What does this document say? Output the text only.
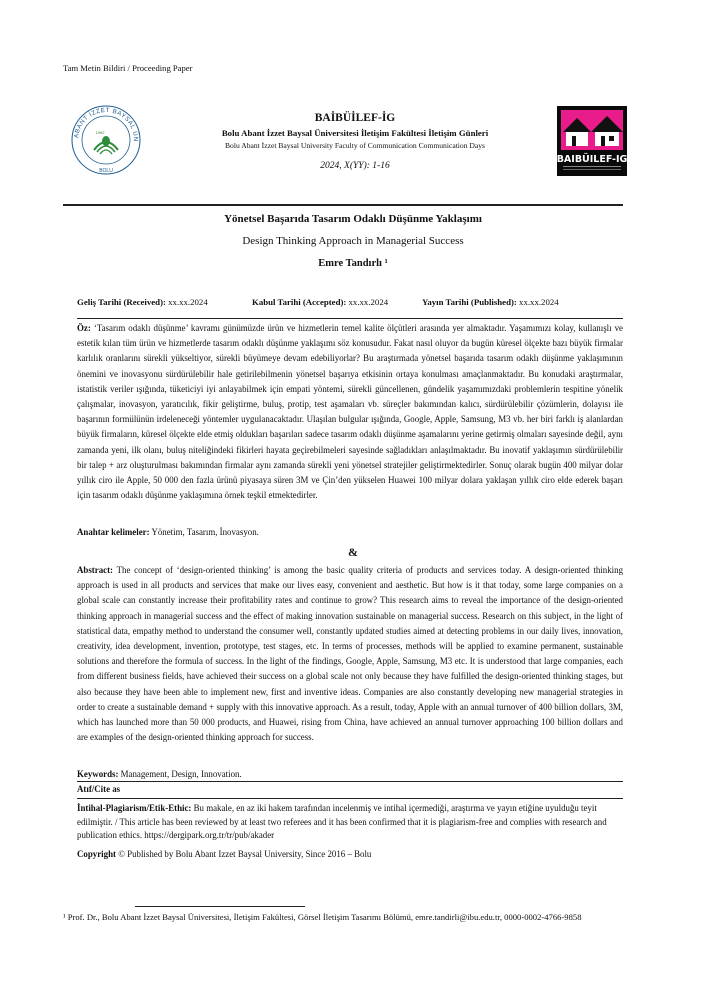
Tam Metin Bildiri / Proceeding Paper
ABANT İZZET BAYSAL ÜN
BOLU
1992
BAİBÜİLEF-İG
Bolu Abant İzzet Baysal Üniversitesi İletişim Fakültesi İletişim Günleri
Bolu Abant İzzet Baysal University Faculty of Communication Communication Days
2024, X(YY): 1-16
BAIBÜILEF-IG
Yönetsel Başarıda Tasarım Odaklı Düşünme Yaklaşımı
Design Thinking Approach in Managerial Success
Emre Tandırlı ¹
Geliş Tarihi (Received): xx.xx.2024	Kabul Tarihi (Accepted): xx.xx.2024	Yayın Tarihi (Published): xx.xx.2024
Öz: ‘Tasarım odaklı düşünme’ kavramı günümüzde ürün ve hizmetlerin temel kalite ölçütleri arasında yer almaktadır. Yaşamımızı kolay, kullanışlı ve estetik kılan tüm ürün ve hizmetlerde tasarım odaklı düşünme yaklaşımı söz konusudur. Fakat nasıl oluyor da bugün küresel ölçekte bazı büyük firmalar karlılık oranlarını sürekli yükseltiyor, sürekli büyümeye devam edebiliyorlar? Bu araştırmada yönetsel başarıda tasarım odaklı düşünme yaklaşımının önemini ve inovasyonu sürdürülebilir hale getirilebilmenin yönetsel başarıya etkisinin ortaya konulması amaçlanmaktadır. Bu konudaki araştırmalar, istatistik veriler ışığında, tüketiciyi iyi anlayabilmek için empati yöntemi, sürekli güncellenen, gündelik yaşamımızdaki problemlerin tespitine yönelik çalışmalar, inovasyon, yaratıcılık, fikir geliştirme, buluş, protip, test aşamaları vb. süreçler bakımından kalıcı, sürdürülebilir çözümlerin, dolayısı ile başarının formülünün irdeleneceği yöntemler uygulanacaktadır. Ulaşılan bulgular ışığında, Google, Apple, Samsung, M3 vb. her biri farklı iş alanlardan büyük firmaların, küresel ölçekte elde etmiş oldukları başarıları sadece tasarım odaklı düşünme aşamalarını yerine getirmiş olmaları sayesinde değil, aynı zamanda yeni, ilk olanı, buluş niteliğindeki fikirleri hayata geçirebilmeleri sayesinde sağladıkları anlaşılmaktadır. Bu inovatif yaklaşımın sürdürülebilir bir talep + arz oluşturulması bakımından firmalar aynı zamanda sürekli yeni yönetsel stratejiler geliştirmektedirler. Sonuç olarak bugün 400 milyar dolar yıllık ciro ile Apple, 50 000 den fazla ürünü piyasaya süren 3M ve Çin’den yükselen Huawei 100 milyar dolara yaklaşan yıllık ciro elde ederek başarı için tasarım odaklı düşünme yaklaşımına örnek teşkil etmektedirler.
Anahtar kelimeler: Yönetim, Tasarım, İnovasyon.
&
Abstract: The concept of ‘design-oriented thinking’ is among the basic quality criteria of products and services today. A design-oriented thinking approach is used in all products and services that make our lives easy, convenient and aesthetic. But how is it that today, some large companies on a global scale can constantly increase their profitability rates and continue to grow? This research aims to reveal the importance of the design-oriented thinking approach in managerial success and the effect of making innovation sustainable on managerial success. Research on this subject, in the light of statistical data, empathy method to understand the consumer well, constantly updated studies aimed at detecting problems in our daily lives, innovation, creativity, idea development, invention, prototype, test stages, etc. In terms of processes, methods will be applied to examine permanent, sustainable solutions and therefore the formula of success. In the light of the findings, Google, Apple, Samsung, M3 etc. It is understood that large companies, each from different business fields, have achieved their success on a global scale not only because they have fulfilled the design-oriented thinking stages, but also because they have been able to implement new, first and inventive ideas. Companies are also constantly developing new managerial strategies in order to create a sustainable demand + supply with this innovative approach. As a result, today, Apple with an annual turnover of 400 billion dollars, 3M, which has launched more than 50 000 products, and Huawei, rising from China, have achieved an annual turnover approaching 100 billion dollars and are examples of the design-oriented thinking approach for success.
Keywords: Management, Design, Innovation.
Atıf/Cite as
İntihal-Plagiarism/Etik-Ethic: Bu makale, en az iki hakem tarafından incelenmiş ve intihal içermediği, araştırma ve yayın etiğine uyulduğu teyit edilmiştir. / This article has been reviewed by at least two referees and it has been confirmed that it is plagiarism-free and complies with research and publication ethics. https://dergipark.org.tr/tr/pub/akader
Copyright © Published by Bolu Abant Izzet Baysal University, Since 2016 – Bolu
¹ Prof. Dr., Bolu Abant İzzet Baysal Üniversitesi, İletişim Fakültesi, Görsel İletişim Tasarımı Bölümü, emre.tandirli@ibu.edu.tr, 0000-0002-4766-9858
